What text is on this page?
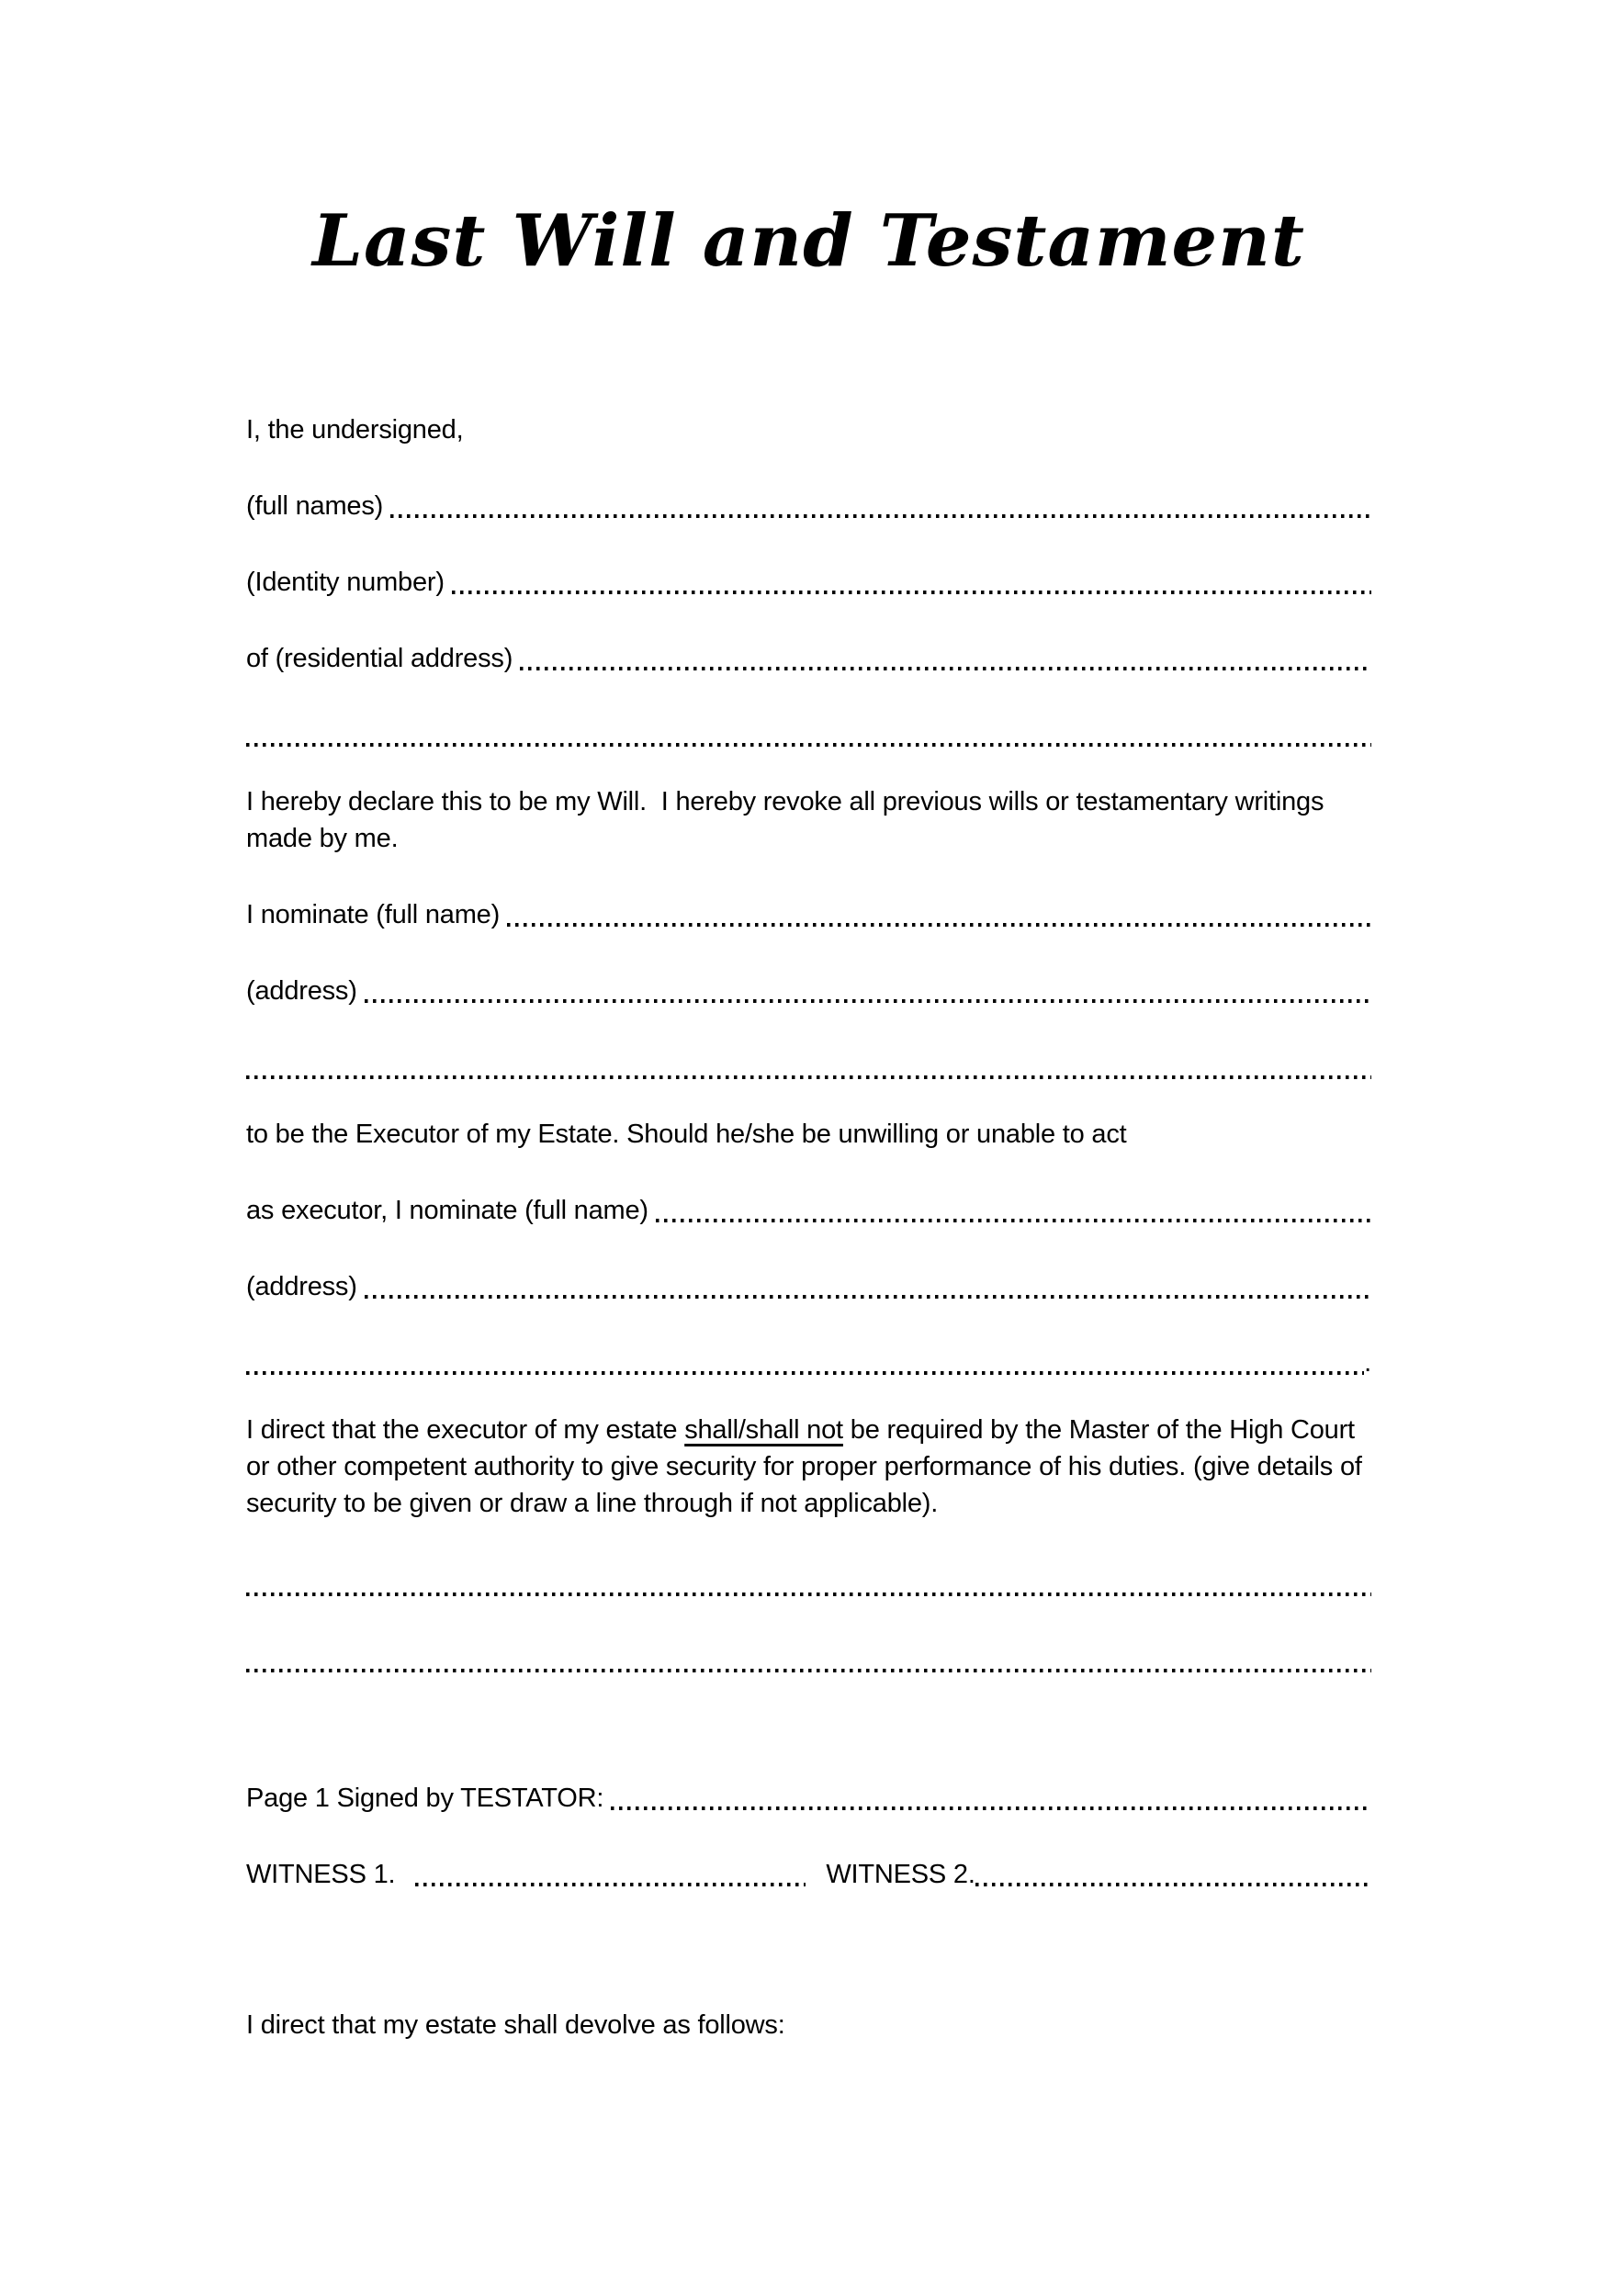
Last Will and Testament
I, the undersigned,
(full names)
(Identity number)
of (residential address)
I hereby declare this to be my Will.  I hereby revoke all previous wills or testamentary writings made by me.
I nominate (full name)
(address)
to be the Executor of my Estate. Should he/she be unwilling or unable to act
as executor, I nominate (full name)
(address)
.
I direct that the executor of my estate shall/shall not be required by the Master of the High Court or other competent authority to give security for proper performance of his duties. (give details of security to be given or draw a line through if not applicable).
Page 1 Signed by TESTATOR:
WITNESS 1.	WITNESS 2.
I direct that my estate shall devolve as follows:
